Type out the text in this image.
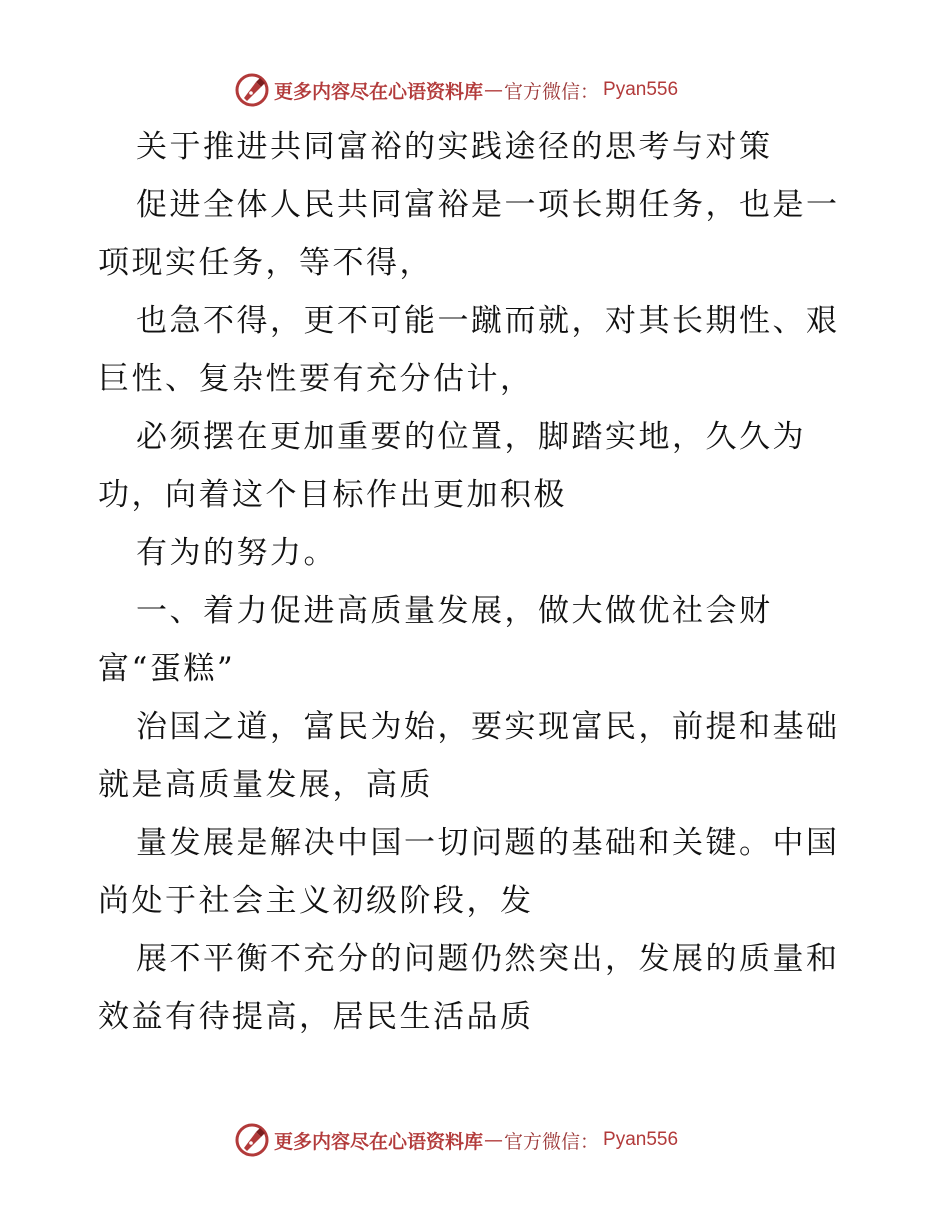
更多内容尽在心语资料库 — 官方微信 ： Pyan556
关于推进共同富裕的实践途径的思考与对策
促进全体人民共同富裕是一项长期任务，也是一
项现实任务，等不得，
也急不得，更不可能一蹴而就，对其长期性、艰
巨性、复杂性要有充分估计，
必须摆在更加重要的位置，脚踏实地，久久为
功，向着这个目标作出更加积极
有为的努力。
一、着力促进高质量发展，做大做优社会财
富“蛋糕”
治国之道，富民为始，要实现富民，前提和基础
就是高质量发展，高质
量发展是解决中国一切问题的基础和关键。中国
尚处于社会主义初级阶段，发
展不平衡不充分的问题仍然突出，发展的质量和
效益有待提高，居民生活品质
更多内容尽在心语资料库 — 官方微信 ： Pyan556
